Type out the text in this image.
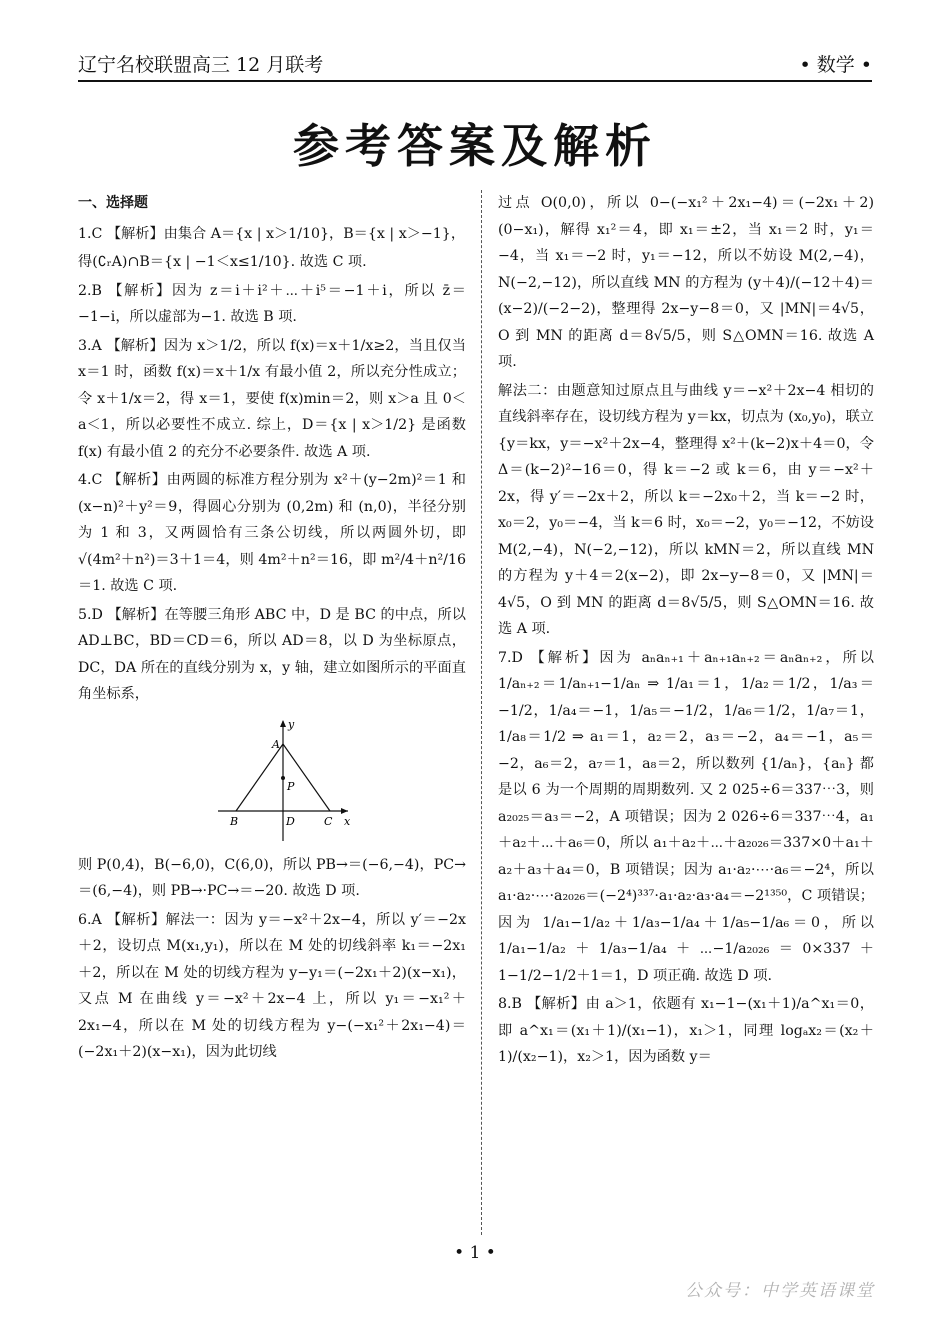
辽宁名校联盟高三 12 月联考	• 数学 •
参考答案及解析

一、选择题

1.C 【解析】由集合 A＝{x | x＞1/10}，B＝{x | x＞−1}，

得(∁ᵣA)∩B＝{x | −1＜x≤1/10}. 故选 C 项.

2.B 【解析】因为 z＝i＋i²＋⋯＋i⁵＝−1＋i，所以 z̄＝−1−i，所以虚部为−1. 故选 B 项.

3.A 【解析】因为 x＞1/2，所以 f(x)＝x＋1/x≥2，当且仅当 x＝1 时，函数 f(x)＝x＋1/x 有最小值 2，所以充分性成立；令 x＋1/x＝2，得 x＝1，要使 f(x)min＝2，则 x＞a 且 0＜a＜1，所以必要性不成立. 综上，D＝{x | x＞1/2} 是函数 f(x) 有最小值 2 的充分不必要条件. 故选 A 项.

4.C 【解析】由两圆的标准方程分别为 x²＋(y−2m)²＝1 和 (x−n)²＋y²＝9，得圆心分别为 (0,2m) 和 (n,0)，半径分别为 1 和 3，又两圆恰有三条公切线，所以两圆外切，即 √(4m²＋n²)＝3＋1＝4，则 4m²＋n²＝16，即 m²/4＋n²/16＝1. 故选 C 项.

5.D 【解析】在等腰三角形 ABC 中，D 是 BC 的中点，所以 AD⊥BC，BD＝CD＝6，所以 AD＝8，以 D 为坐标原点，DC，DA 所在的直线分别为 x，y 轴，建立如图所示的平面直角坐标系，

y
x
A
P
B	D	C

则 P(0,4)，B(−6,0)，C(6,0)，所以 PB→＝(−6,−4)，PC→＝(6,−4)，则 PB→·PC→＝−20. 故选 D 项.

6.A 【解析】解法一：因为 y＝−x²＋2x−4，所以 y′＝−2x＋2，设切点 M(x₁,y₁)，所以在 M 处的切线斜率 k₁＝−2x₁＋2，所以在 M 处的切线方程为 y−y₁＝(−2x₁＋2)(x−x₁)，又点 M 在曲线 y＝−x²＋2x−4 上，所以 y₁＝−x₁²＋2x₁−4，所以在 M 处的切线方程为 y−(−x₁²＋2x₁−4)＝(−2x₁＋2)(x−x₁)，因为此切线

过点 O(0,0)，所以 0−(−x₁²＋2x₁−4)＝(−2x₁＋2)(0−x₁)，解得 x₁²＝4，即 x₁＝±2，当 x₁＝2 时，y₁＝−4，当 x₁＝−2 时，y₁＝−12，所以不妨设 M(2,−4)，N(−2,−12)，所以直线 MN 的方程为 (y＋4)/(−12＋4)＝(x−2)/(−2−2)，整理得 2x−y−8＝0，又 |MN|＝4√5，O 到 MN 的距离 d＝8√5/5，则 S△OMN＝16. 故选 A 项.

解法二：由题意知过原点且与曲线 y＝−x²＋2x−4 相切的直线斜率存在，设切线方程为 y＝kx，切点为 (x₀,y₀)，联立 {y＝kx，y＝−x²＋2x−4，整理得 x²＋(k−2)x＋4＝0，令 Δ＝(k−2)²−16＝0，得 k＝−2 或 k＝6，由 y＝−x²＋2x，得 y′＝−2x＋2，所以 k＝−2x₀＋2，当 k＝−2 时，x₀＝2，y₀＝−4，当 k＝6 时，x₀＝−2，y₀＝−12，不妨设 M(2,−4)，N(−2,−12)，所以 kMN＝2，所以直线 MN 的方程为 y＋4＝2(x−2)，即 2x−y−8＝0，又 |MN|＝4√5，O 到 MN 的距离 d＝8√5/5，则 S△OMN＝16. 故选 A 项.

7.D 【解析】因为 aₙaₙ₊₁＋aₙ₊₁aₙ₊₂＝aₙaₙ₊₂，所以 1/aₙ₊₂＝1/aₙ₊₁−1/aₙ ⇒ 1/a₁＝1，1/a₂＝1/2，1/a₃＝−1/2，1/a₄＝−1，1/a₅＝−1/2，1/a₆＝1/2，1/a₇＝1，1/a₈＝1/2 ⇒ a₁＝1，a₂＝2，a₃＝−2，a₄＝−1，a₅＝−2，a₆＝2，a₇＝1，a₈＝2，所以数列 {1/aₙ}，{aₙ} 都是以 6 为一个周期的周期数列. 又 2 025÷6＝337⋯3，则 a₂₀₂₅＝a₃＝−2，A 项错误；因为 2 026÷6＝337⋯4，a₁＋a₂＋⋯＋a₆＝0，所以 a₁＋a₂＋⋯＋a₂₀₂₆＝337×0＋a₁＋a₂＋a₃＋a₄＝0，B 项错误；因为 a₁·a₂·⋯·a₆＝−2⁴，所以 a₁·a₂·⋯·a₂₀₂₆＝(−2⁴)³³⁷·a₁·a₂·a₃·a₄＝−2¹³⁵⁰，C 项错误；因为 1/a₁−1/a₂＋1/a₃−1/a₄＋1/a₅−1/a₆＝0，所以 1/a₁−1/a₂＋1/a₃−1/a₄＋⋯−1/a₂₀₂₆＝0×337＋1−1/2−1/2＋1＝1，D 项正确. 故选 D 项.

8.B 【解析】由 a＞1，依题有 x₁−1−(x₁＋1)/a^x₁＝0，即 a^x₁＝(x₁＋1)/(x₁−1)，x₁＞1，同理 logₐx₂＝(x₂＋1)/(x₂−1)，x₂＞1，因为函数 y＝

• 1 •
公众号：中学英语课堂
